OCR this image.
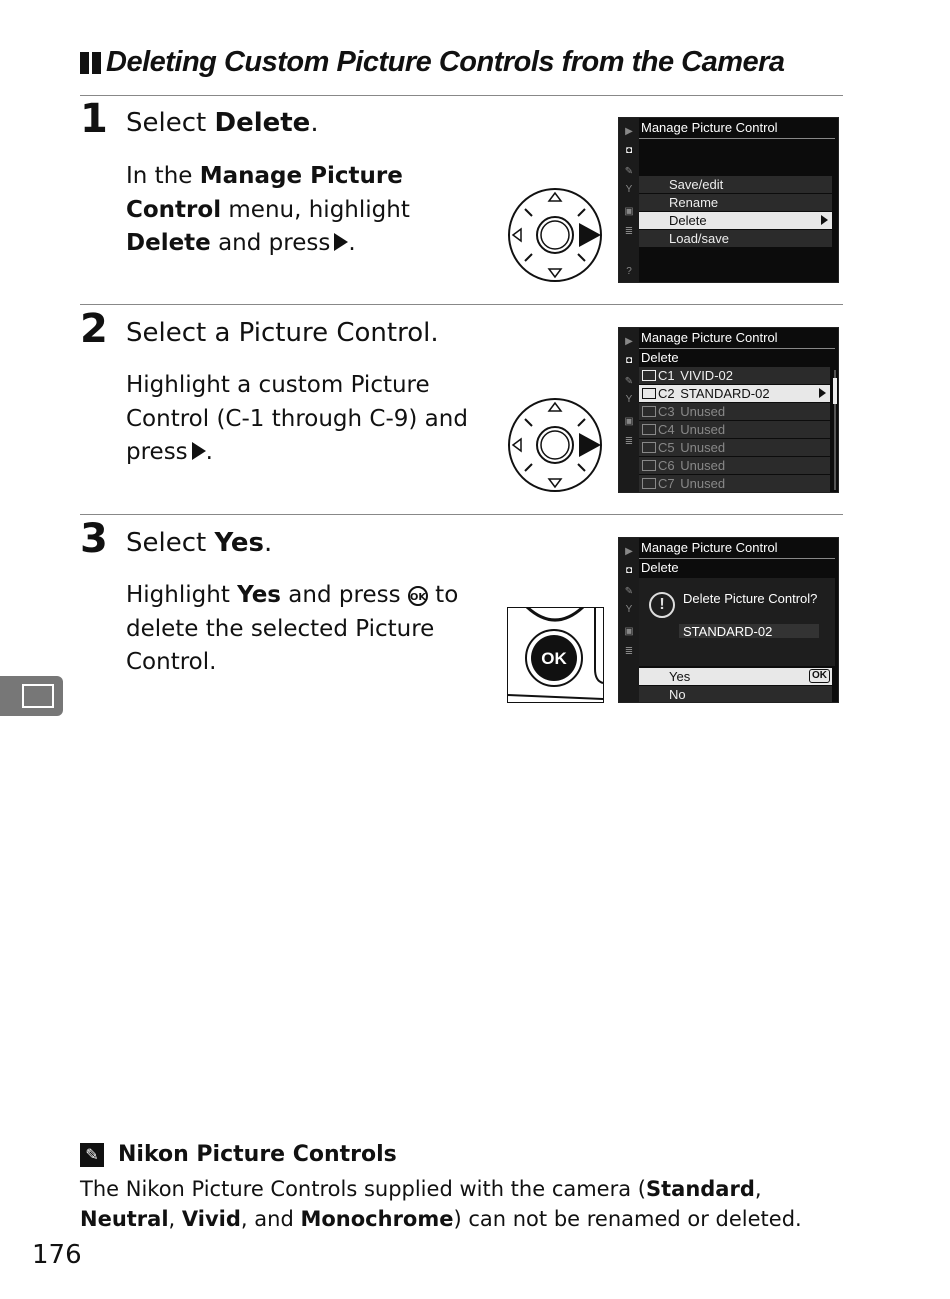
Deleting Custom Picture Controls from the Camera
1 Select Delete.
In the Manage Picture Control menu, highlight Delete and press .
▶
◘
✎
Y
▣
≣
?
Manage Picture Control
Save/edit
Rename
Delete
Load/save
2 Select a Picture Control.
Highlight a custom Picture Control (C-1 through C-9) and press .
▶
◘
✎
Y
▣
≣
Manage Picture Control
Delete
C1 VIVID-02
C2 STANDARD-02
C3 Unused
C4 Unused
C5 Unused
C6 Unused
C7 Unused
3 Select Yes.
Highlight Yes and press OK to delete the selected Picture Control.	OK
▶
◘
✎
Y
▣
≣
Manage Picture Control
Delete
!	Delete Picture Control?
STANDARD-02
Yes	OK
No
✎ Nikon Picture Controls
The Nikon Picture Controls supplied with the camera (Standard, Neutral, Vivid, and Monochrome) can not be renamed or deleted.
176
